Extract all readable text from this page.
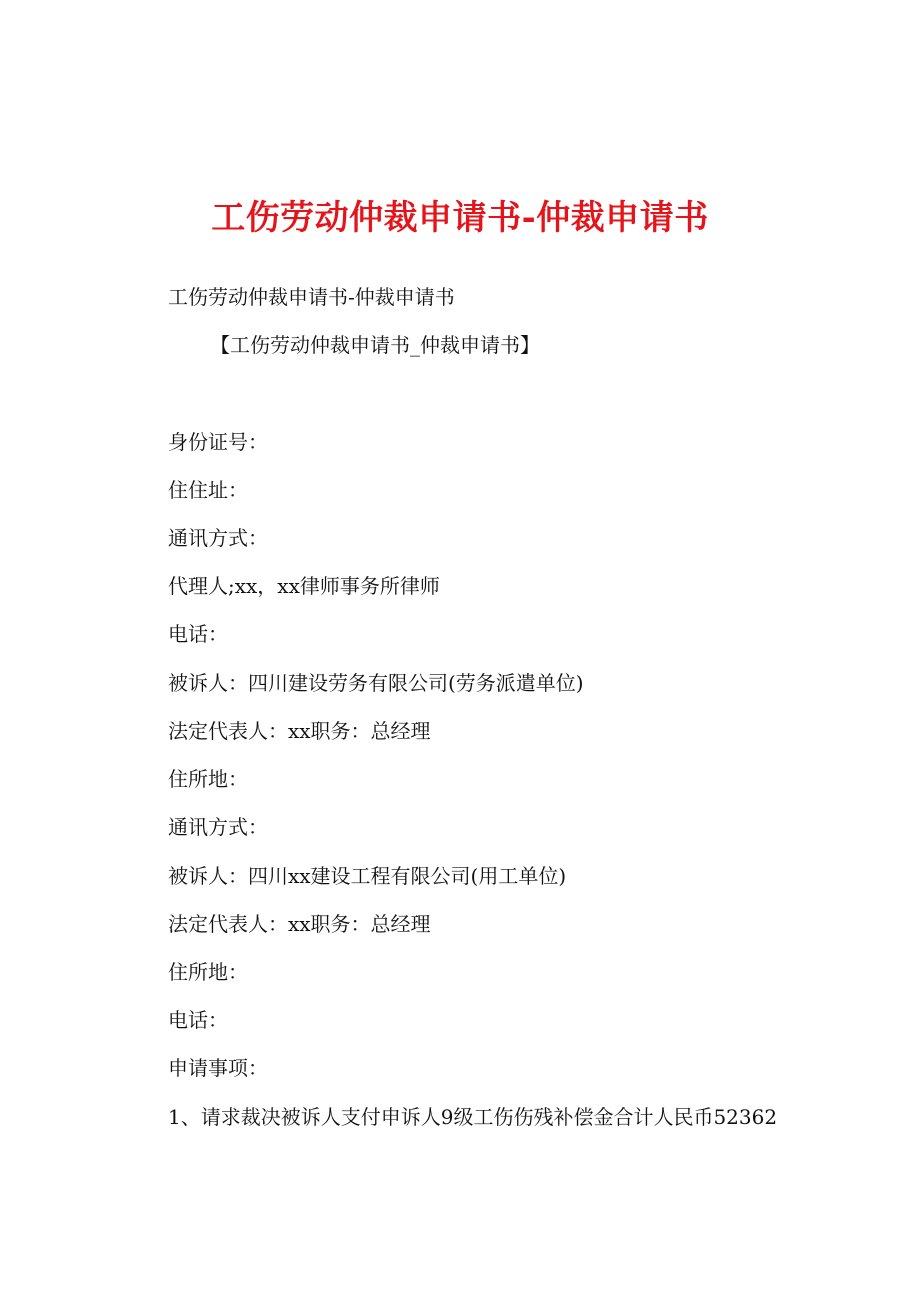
工伤劳动仲裁申请书-仲裁申请书
工伤劳动仲裁申请书-仲裁申请书
【工伤劳动仲裁申请书_仲裁申请书】
身份证号：
住住址：
通讯方式：
代理人;xx，xx律师事务所律师
电话：
被诉人：四川建设劳务有限公司(劳务派遣单位)
法定代表人：xx职务：总经理
住所地：
通讯方式：
被诉人：四川xx建设工程有限公司(用工单位)
法定代表人：xx职务：总经理
住所地：
电话：
申请事项：
1、请求裁决被诉人支付申诉人9级工伤伤残补偿金合计人民币52362
